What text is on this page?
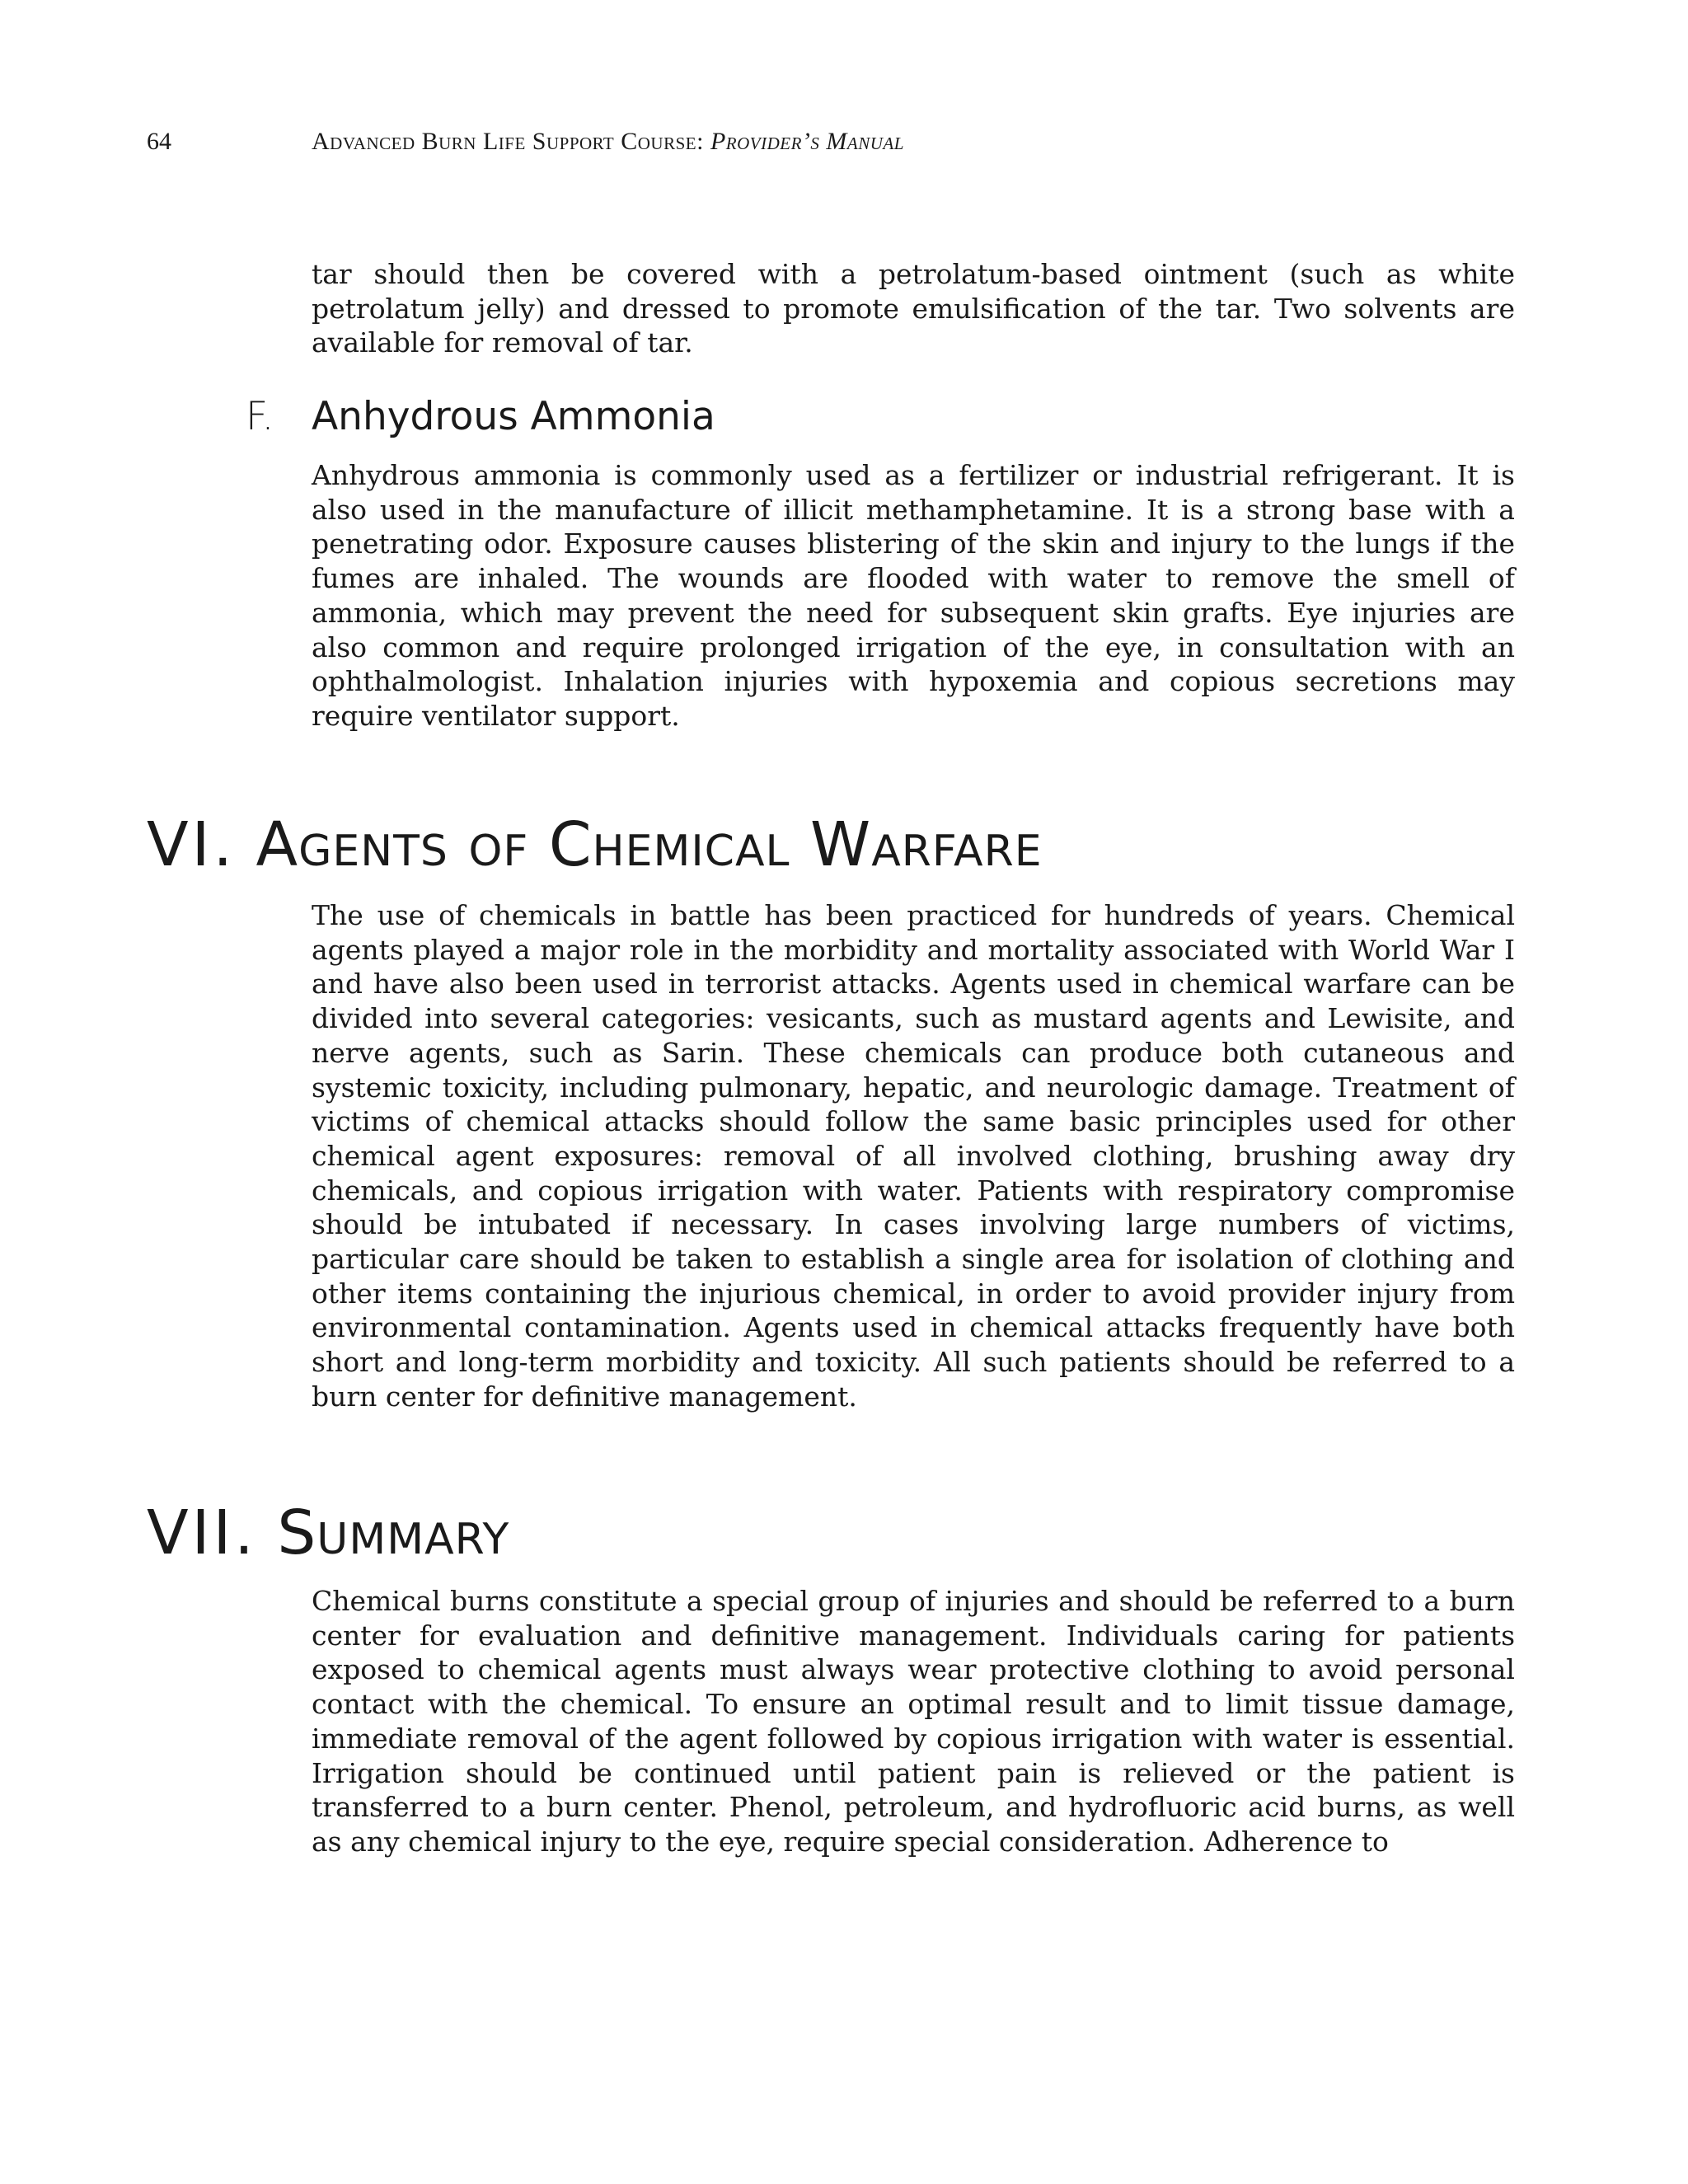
64	Advanced Burn Life Support Course: Provider’s Manual

tar should then be covered with a petrolatum-based ointment (such as white petrolatum jelly) and dressed to promote emulsification of the tar. Two solvents are available for removal of tar.

F. Anhydrous Ammonia

Anhydrous ammonia is commonly used as a fertilizer or industrial refrigerant. It is also used in the manufacture of illicit methamphetamine. It is a strong base with a penetrating odor. Exposure causes blistering of the skin and injury to the lungs if the fumes are inhaled. The wounds are flooded with water to remove the smell of ammonia, which may prevent the need for subsequent skin grafts. Eye injuries are also common and require prolonged irrigation of the eye, in consultation with an ophthalmologist. Inhalation injuries with hypoxemia and copious secretions may require ventilator support.

VI. Agents of Chemical Warfare

The use of chemicals in battle has been practiced for hundreds of years. Chemical agents played a major role in the morbidity and mortality associated with World War I and have also been used in terrorist attacks. Agents used in chemical warfare can be divided into several categories: vesicants, such as mustard agents and Lewisite, and nerve agents, such as Sarin. These chemicals can produce both cutaneous and systemic toxicity, including pulmonary, hepatic, and neurologic damage. Treatment of victims of chemical attacks should follow the same basic principles used for other chemical agent exposures: removal of all involved clothing, brushing away dry chemicals, and copious irrigation with water. Patients with respiratory compromise should be intubated if necessary. In cases involving large numbers of victims, particular care should be taken to establish a single area for isolation of clothing and other items containing the injurious chemical, in order to avoid provider injury from environmental contamination. Agents used in chemical attacks frequently have both short and long-term morbidity and toxicity. All such patients should be referred to a burn center for definitive management.

VII. Summary

Chemical burns constitute a special group of injuries and should be referred to a burn center for evaluation and definitive management. Individuals caring for patients exposed to chemical agents must always wear protective clothing to avoid personal contact with the chemical. To ensure an optimal result and to limit tissue damage, immediate removal of the agent followed by copious irrigation with water is essential. Irrigation should be continued until patient pain is relieved or the patient is transferred to a burn center. Phenol, petroleum, and hydrofluoric acid burns, as well as any chemical injury to the eye, require special consideration. Adherence to
